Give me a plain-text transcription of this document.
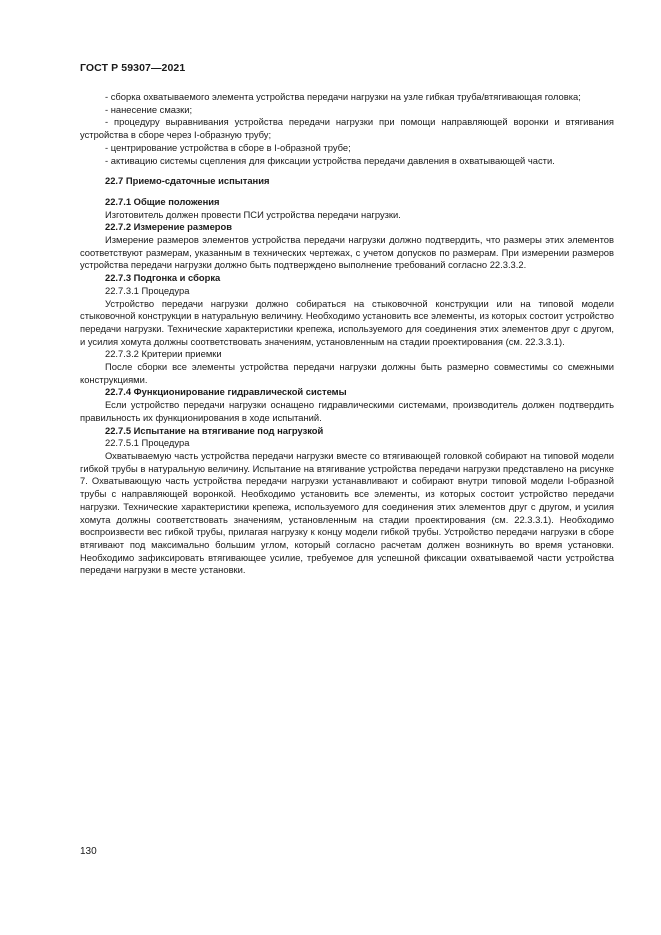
ГОСТ Р 59307—2021

- сборка охватываемого элемента устройства передачи нагрузки на узле гибкая труба/втягивающая головка;

- нанесение смазки;

- процедуру выравнивания устройства передачи нагрузки при помощи направляющей воронки и втягивания устройства в сборе через I-образную трубу;

- центрирование устройства в сборе в I-образной трубе;

- активацию системы сцепления для фиксации устройства передачи давления в охватывающей части.

22.7 Приемо-сдаточные испытания

22.7.1 Общие положения

Изготовитель должен провести ПСИ устройства передачи нагрузки.

22.7.2 Измерение размеров

Измерение размеров элементов устройства передачи нагрузки должно подтвердить, что размеры этих элементов соответствуют размерам, указанным в технических чертежах, с учетом допусков по размерам. При измерении размеров устройства передачи нагрузки должно быть подтверждено выполнение требований согласно 22.3.3.2.

22.7.3 Подгонка и сборка

22.7.3.1 Процедура

Устройство передачи нагрузки должно собираться на стыковочной конструкции или на типовой модели стыковочной конструкции в натуральную величину. Необходимо установить все элементы, из которых состоит устройство передачи нагрузки. Технические характеристики крепежа, используемого для соединения этих элементов друг с другом, и усилия хомута должны соответствовать значениям, установленным на стадии проектирования (см. 22.3.3.1).

22.7.3.2 Критерии приемки

После сборки все элементы устройства передачи нагрузки должны быть размерно совместимы со смежными конструкциями.

22.7.4 Функционирование гидравлической системы

Если устройство передачи нагрузки оснащено гидравлическими системами, производитель должен подтвердить правильность их функционирования в ходе испытаний.

22.7.5 Испытание на втягивание под нагрузкой

22.7.5.1 Процедура

Охватываемую часть устройства передачи нагрузки вместе со втягивающей головкой собирают на типовой модели гибкой трубы в натуральную величину. Испытание на втягивание устройства передачи нагрузки представлено на рисунке 7. Охватывающую часть устройства передачи нагрузки устанавливают и собирают внутри типовой модели I-образной трубы с направляющей воронкой. Необходимо установить все элементы, из которых состоит устройство передачи нагрузки. Технические характеристики крепежа, используемого для соединения этих элементов друг с другом, и усилия хомута должны соответствовать значениям, установленным на стадии проектирования (см. 22.3.3.1). Необходимо воспроизвести вес гибкой трубы, прилагая нагрузку к концу модели гибкой трубы. Устройство передачи нагрузки в сборе втягивают под максимально большим углом, который согласно расчетам должен возникнуть во время установки. Необходимо зафиксировать втягивающее усилие, требуемое для успешной фиксации охватываемой части устройства передачи нагрузки в месте установки.

130
